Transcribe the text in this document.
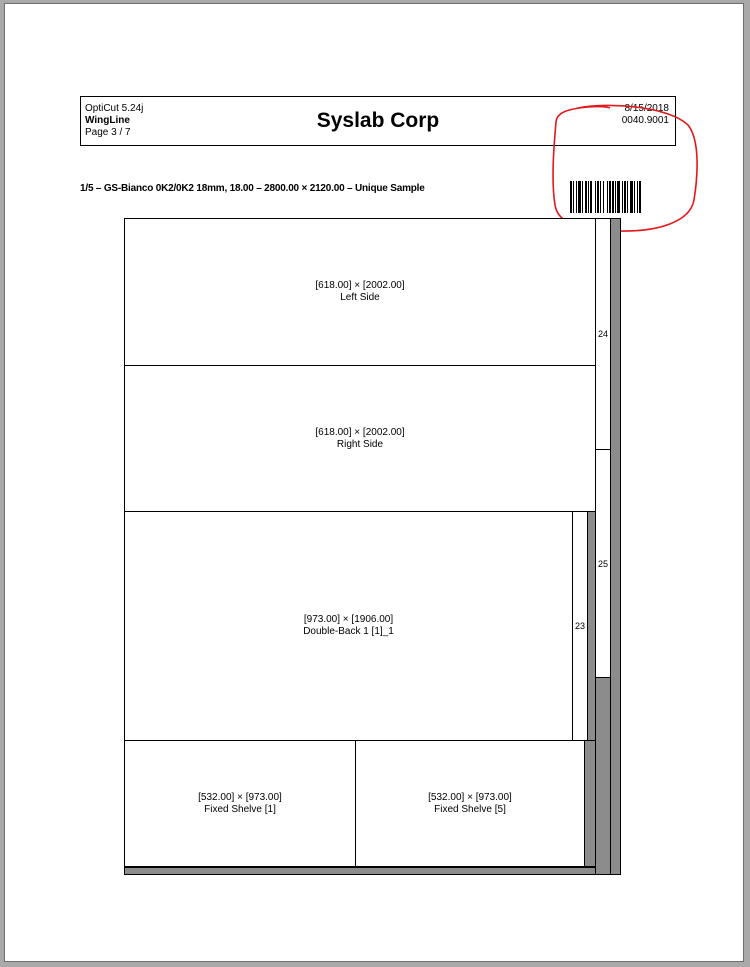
OptiCut 5.24j
WingLine
Page 3 / 7
Syslab Corp
8/15/2018
0040.9001
1/5 – GS-Bianco 0K2/0K2 18mm, 18.00 – 2800.00 × 2120.00 – Unique Sample
24
25
[618.00] × [2002.00]
Left Side
[618.00] × [2002.00]
Right Side
[973.00] × [1906.00]
Double-Back 1 [1]_1	23
[532.00] × [973.00]
Fixed Shelve [1]
[532.00] × [973.00]
Fixed Shelve [5]
